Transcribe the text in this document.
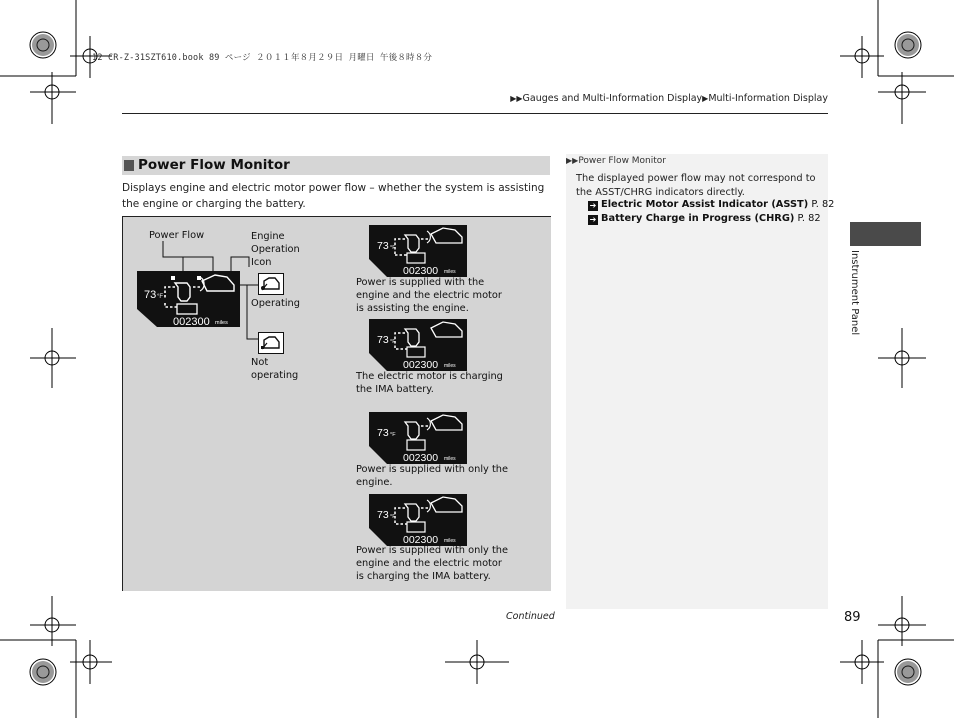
12 CR-Z-31SZT610.book 89 ページ ２０１１年８月２９日 月曜日 午後８時８分
▶▶Gauges and Multi-Information Display▶Multi-Information Display
Power Flow Monitor
Displays engine and electric motor power flow – whether the system is assisting the engine or charging the battery.
Power Flow	Engine
Operation
Icon
Operating
Not
operating
73 °F
002300 miles
73 °F
002300 miles
Power is supplied with the
engine and the electric motor
is assisting the engine.
73 °F
002300 miles
The electric motor is charging
the IMA battery.
73 °F
002300 miles
Power is supplied with only the
engine.
73 °F
002300 miles
Power is supplied with only the
engine and the electric motor
is charging the IMA battery.
▶▶Power Flow Monitor
The displayed power flow may not correspond to the ASST/CHRG indicators directly.
➔ Electric Motor Assist Indicator (ASST) P. 82
➔ Battery Charge in Progress (CHRG) P. 82
Instrument Panel
Continued	89
